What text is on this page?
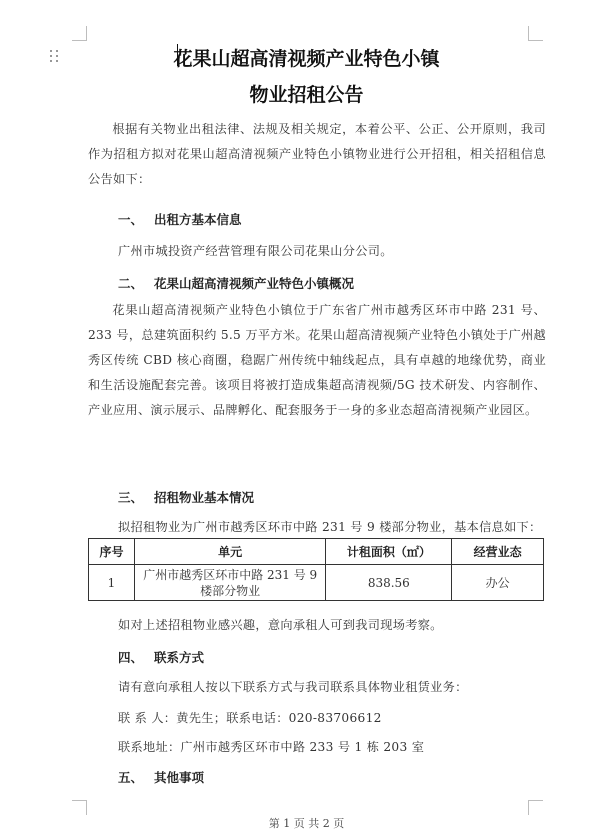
花果山超高清视频产业特色小镇
物业招租公告
根据有关物业出租法律、法规及相关规定，本着公平、公正、公开原则，我司作为招租方拟对花果山超高清视频产业特色小镇物业进行公开招租，相关招租信息公告如下：
一、 出租方基本信息
广州市城投资产经营管理有限公司花果山分公司。
二、 花果山超高清视频产业特色小镇概况
花果山超高清视频产业特色小镇位于广东省广州市越秀区环市中路 231 号、233 号，总建筑面积约 5.5 万平方米。花果山超高清视频产业特色小镇处于广州越秀区传统 CBD 核心商圈，稳踞广州传统中轴线起点，具有卓越的地缘优势，商业和生活设施配套完善。该项目将被打造成集超高清视频/5G 技术研发、内容制作、产业应用、演示展示、品牌孵化、配套服务于一身的多业态超高清视频产业园区。
三、 招租物业基本情况
拟招租物业为广州市越秀区环市中路 231 号 9 楼部分物业，基本信息如下：
序号	单元	计租面积（㎡）	经营业态
1	广州市越秀区环市中路 231 号 9 楼部分物业	838.56	办公
如对上述招租物业感兴趣，意向承租人可到我司现场考察。
四、 联系方式
请有意向承租人按以下联系方式与我司联系具体物业租赁业务：
联 系 人：黄先生；联系电话：020-83706612
联系地址：广州市越秀区环市中路 233 号 1 栋 203 室
五、 其他事项
第 1 页 共 2 页
